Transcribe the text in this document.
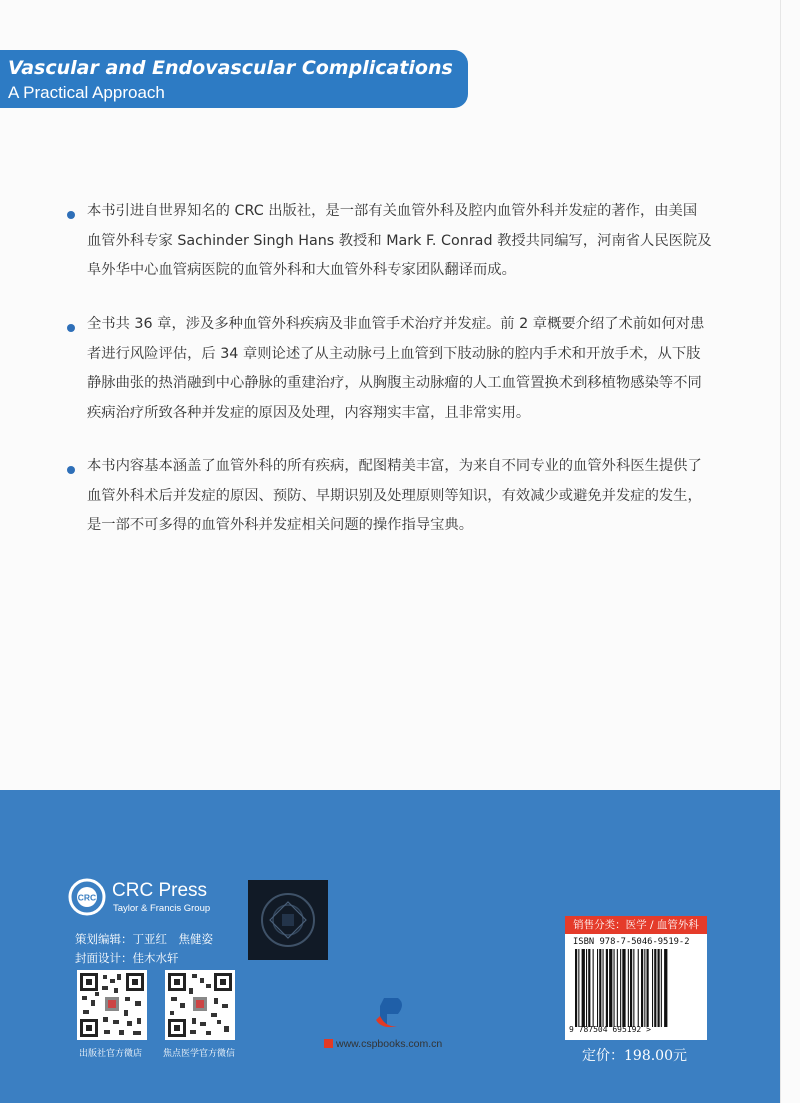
Vascular and Endovascular Complications
A Practical Approach
本书引进自世界知名的 CRC 出版社，是一部有关血管外科及腔内血管外科并发症的著作，由美国
血管外科专家 Sachinder Singh Hans 教授和 Mark F. Conrad 教授共同编写，河南省人民医院及
阜外华中心血管病医院的血管外科和大血管外科专家团队翻译而成。
全书共 36 章，涉及多种血管外科疾病及非血管手术治疗并发症。前 2 章概要介绍了术前如何对患
者进行风险评估，后 34 章则论述了从主动脉弓上血管到下肢动脉的腔内手术和开放手术，从下肢
静脉曲张的热消融到中心静脉的重建治疗，从胸腹主动脉瘤的人工血管置换术到移植物感染等不同
疾病治疗所致各种并发症的原因及处理，内容翔实丰富，且非常实用。
本书内容基本涵盖了血管外科的所有疾病，配图精美丰富，为来自不同专业的血管外科医生提供了
血管外科术后并发症的原因、预防、早期识别及处理原则等知识，有效减少或避免并发症的发生，
是一部不可多得的血管外科并发症相关问题的操作指导宝典。
CRC CRC Press
Taylor & Francis Group
策划编辑：丁亚红　焦健姿
封面设计：佳木水轩
出版社官方微店 焦点医学官方微信
www.cspbooks.com.cn
销售分类：医学 / 血管外科
ISBN 978-7-5046-9519-2
9 787504 695192 >
定价：198.00元
